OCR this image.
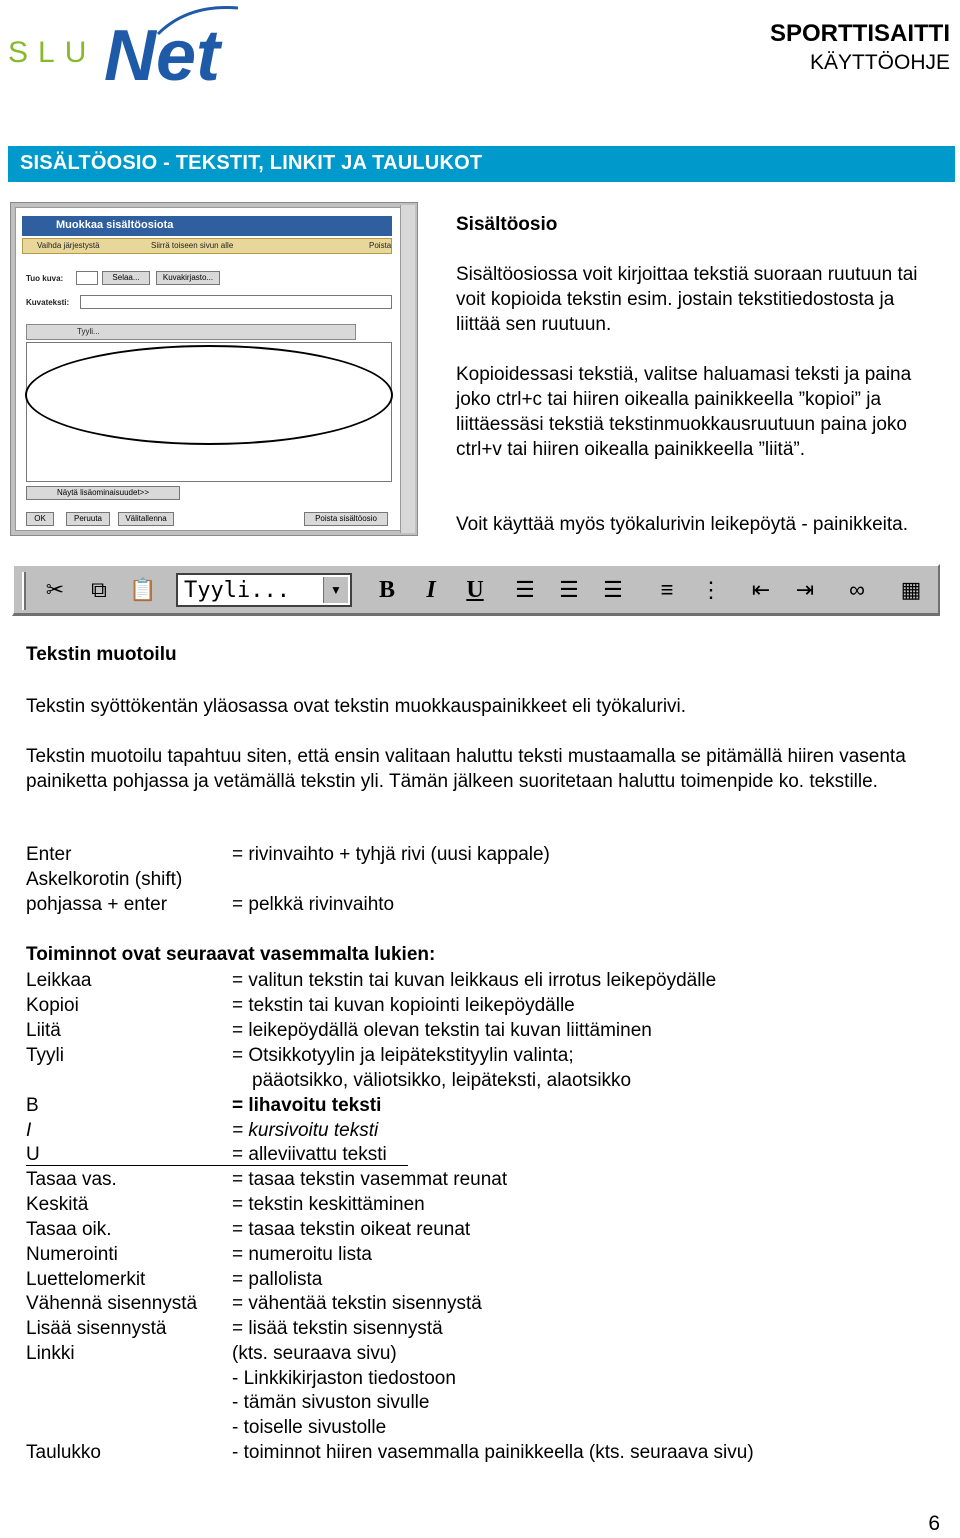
SLU Net	SPORTTISAITTI
KÄYTTÖOHJE
SISÄLTÖOSIO - TEKSTIT, LINKIT JA TAULUKOT
Muokkaa sisältöosiota
Vaihda järjestystä	Siirrä toiseen sivun alle	Poista
Tuo kuva:	Selaa...	Kuvakirjasto...
Kuvateksti:
Tyyli...
Näytä lisäominaisuudet>>
OK	Peruuta	Välitallenna	Poista sisältöosio
Sisältöosio
Sisältöosiossa voit kirjoittaa tekstiä suoraan ruutuun tai voit kopioida tekstin esim. jostain tekstitiedostosta ja liittää sen ruutuun.
Kopioidessasi tekstiä, valitse haluamasi teksti ja paina joko ctrl+c tai hiiren oikealla painikkeella ”kopioi” ja liittäessäsi tekstiä tekstinmuokkausruutuun paina joko ctrl+v tai hiiren oikealla painikkeella ”liitä”.
Voit käyttää myös työkalurivin leikepöytä - painikkeita.
✂	⧉	📋 Tyyli...	▼ B	I	U ☰ ☰ ☰	≡	⋮ ⇤ ⇥	∞	▦
Tekstin muotoilu
Tekstin syöttökentän yläosassa ovat tekstin muokkauspainikkeet eli työkalurivi.
Tekstin muotoilu tapahtuu siten, että ensin valitaan haluttu teksti mustaamalla se pitämällä hiiren vasenta painiketta pohjassa ja vetämällä tekstin yli. Tämän jälkeen suoritetaan haluttu toimenpide ko. tekstille.
Enter	= rivinvaihto + tyhjä rivi (uusi kappale)
Askelkorotin (shift)
pohjassa + enter	= pelkkä rivinvaihto
Toiminnot ovat seuraavat vasemmalta lukien:
Leikkaa	= valitun tekstin tai kuvan leikkaus eli irrotus leikepöydälle
Kopioi	= tekstin tai kuvan kopiointi leikepöydälle
Liitä	= leikepöydällä olevan tekstin tai kuvan liittäminen
Tyyli	= Otsikkotyylin ja leipätekstityylin valinta;
pääotsikko, väliotsikko, leipäteksti, alaotsikko
B	= lihavoitu teksti
I	= kursivoitu teksti
U	= alleviivattu teksti
Tasaa vas.	= tasaa tekstin vasemmat reunat
Keskitä	= tekstin keskittäminen
Tasaa oik.	= tasaa tekstin oikeat reunat
Numerointi	= numeroitu lista
Luettelomerkit	= pallolista
Vähennä sisennystä = vähentää tekstin sisennystä
Lisää sisennystä	= lisää tekstin sisennystä
Linkki	(kts. seuraava sivu)
- Linkkikirjaston tiedostoon
- tämän sivuston sivulle
- toiselle sivustolle
Taulukko	- toiminnot hiiren vasemmalla painikkeella (kts. seuraava sivu)
6
